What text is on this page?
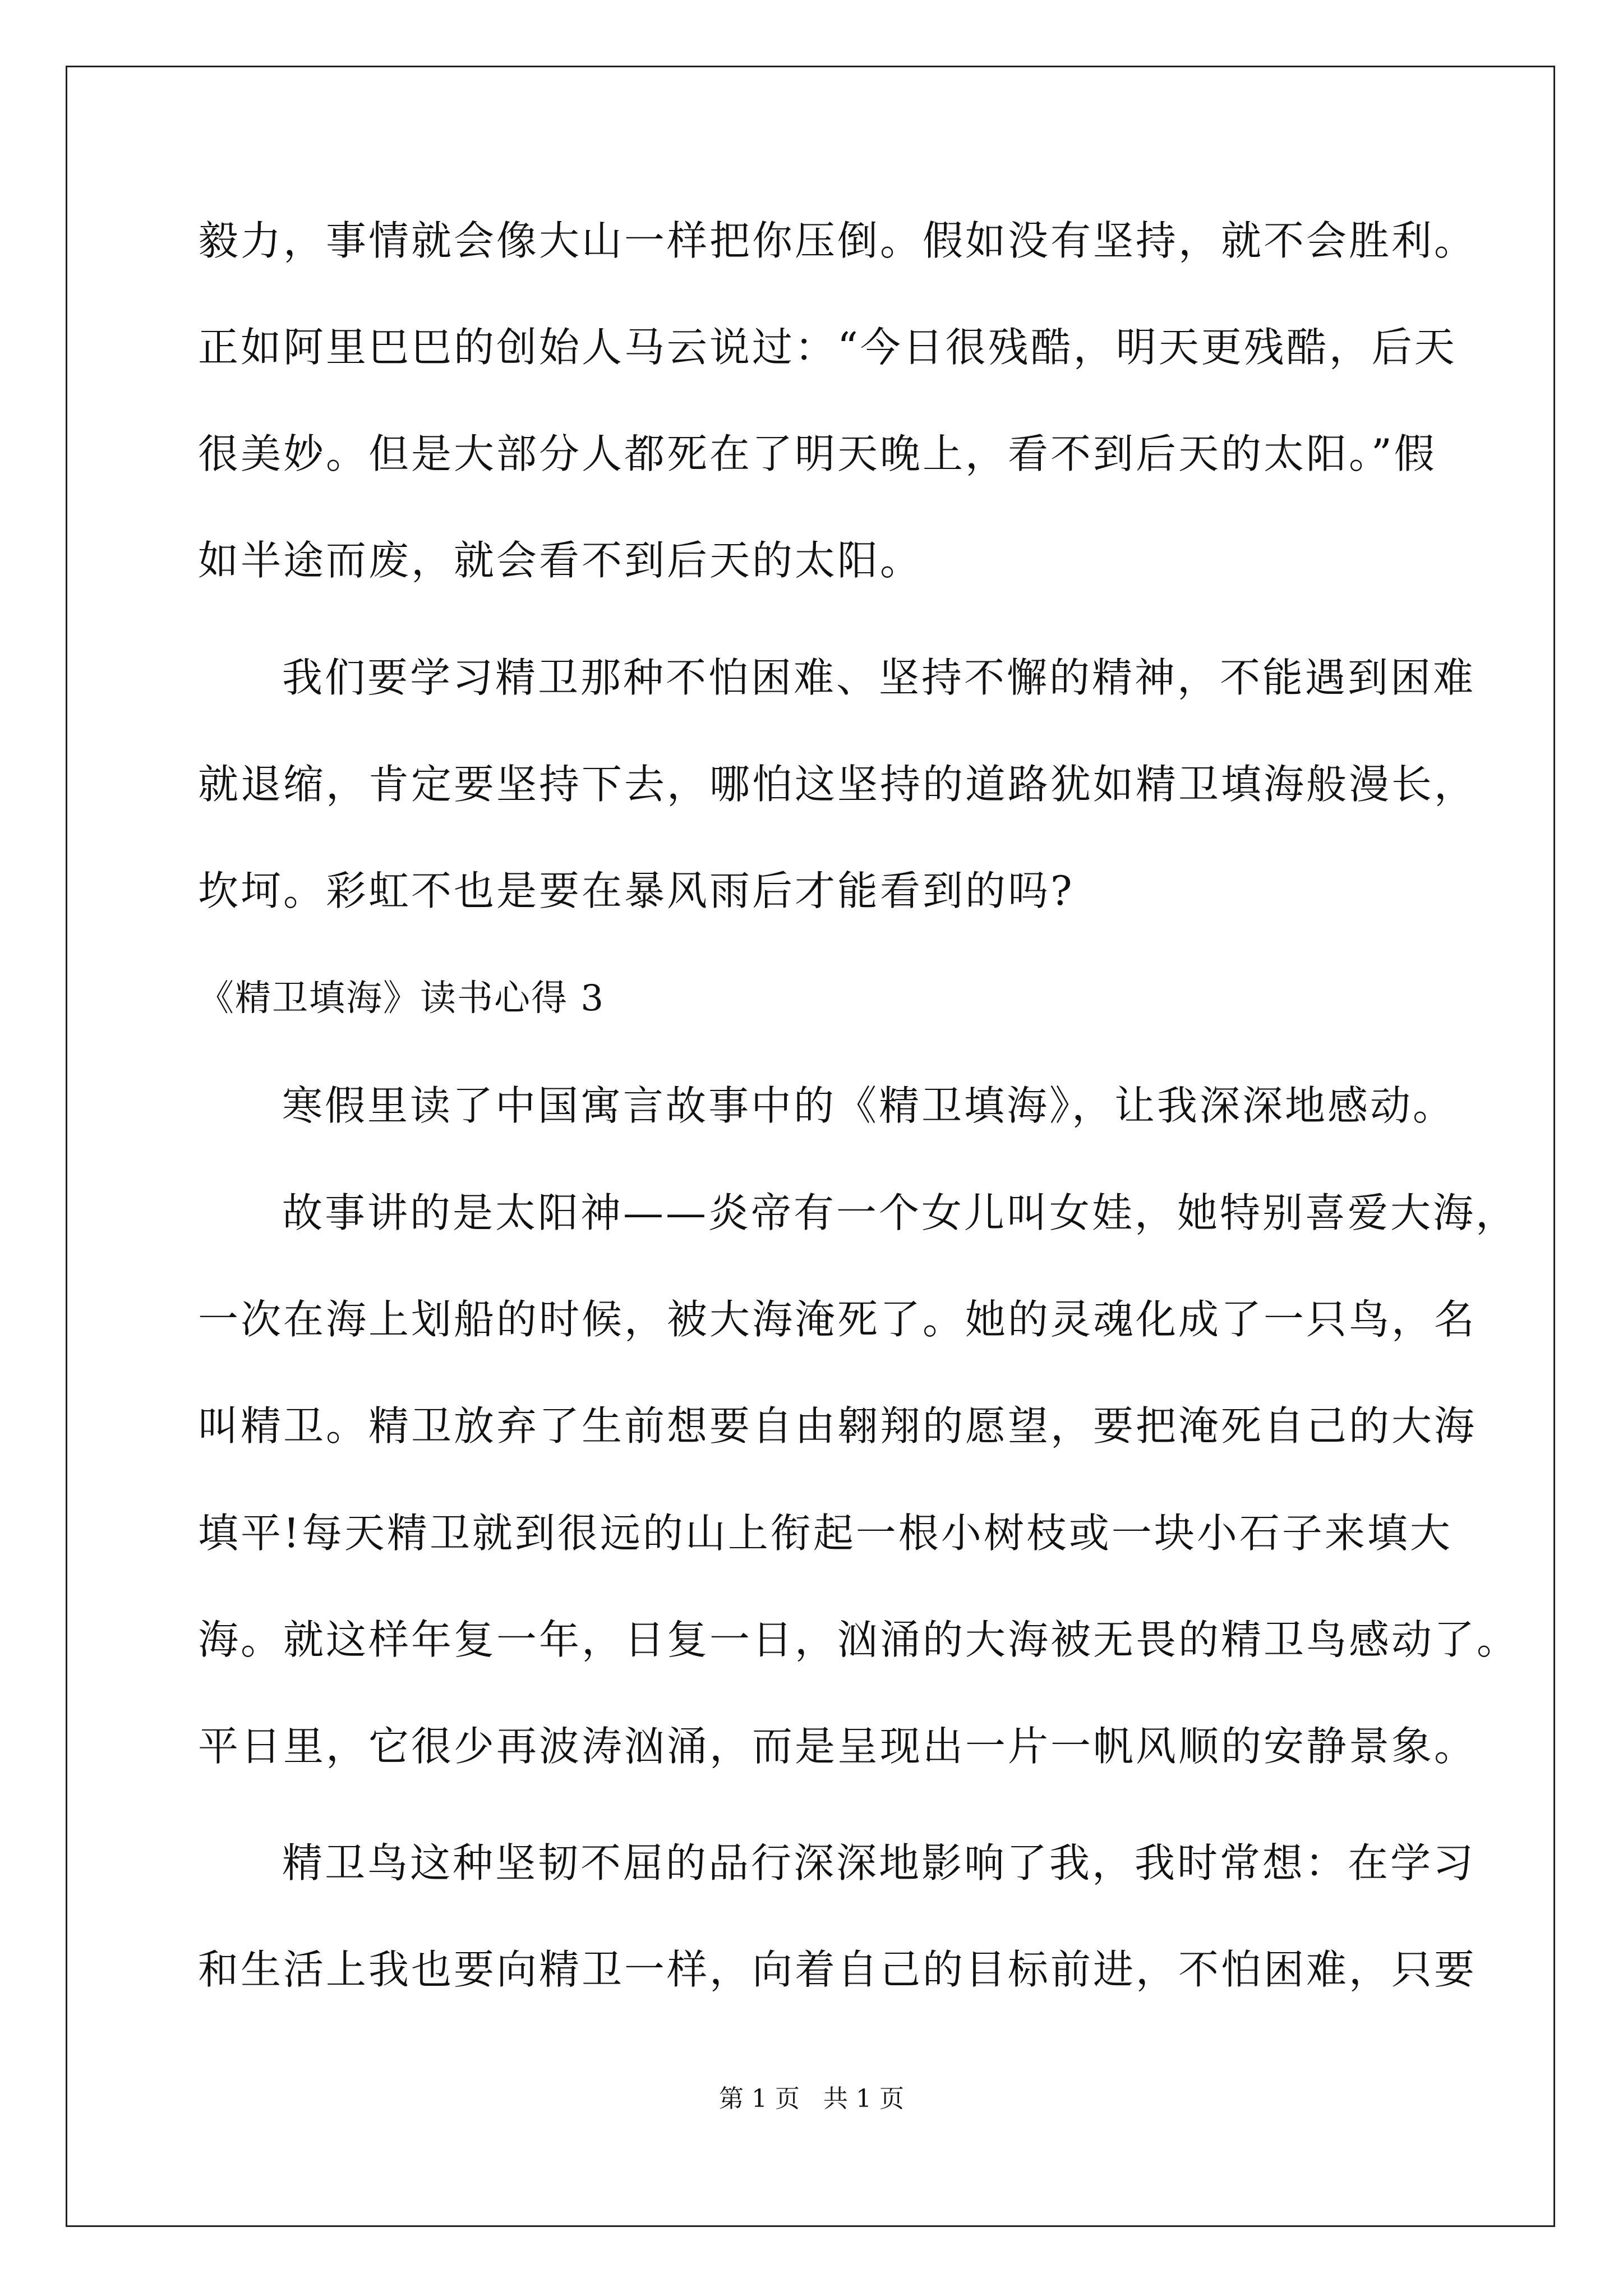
毅力，事情就会像大山一样把你压倒。假如没有坚持，就不会胜利。

正如阿里巴巴的创始人马云说过：“今日很残酷，明天更残酷，后天

很美妙。但是大部分人都死在了明天晚上，看不到后天的太阳。”假

如半途而废，就会看不到后天的太阳。

我们要学习精卫那种不怕困难、坚持不懈的精神，不能遇到困难

就退缩，肯定要坚持下去，哪怕这坚持的道路犹如精卫填海般漫长，

坎坷。彩虹不也是要在暴风雨后才能看到的吗?

《精卫填海》读书心得 3

寒假里读了中国寓言故事中的《精卫填海》，让我深深地感动。

故事讲的是太阳神——炎帝有一个女儿叫女娃，她特别喜爱大海，

一次在海上划船的时候，被大海淹死了。她的灵魂化成了一只鸟，名

叫精卫。精卫放弃了生前想要自由翱翔的愿望，要把淹死自己的大海

填平!每天精卫就到很远的山上衔起一根小树枝或一块小石子来填大

海。就这样年复一年，日复一日，汹涌的大海被无畏的精卫鸟感动了。

平日里，它很少再波涛汹涌，而是呈现出一片一帆风顺的安静景象。

精卫鸟这种坚韧不屈的品行深深地影响了我，我时常想：在学习

和生活上我也要向精卫一样，向着自己的目标前进，不怕困难，只要

第 1 页   共 1 页
